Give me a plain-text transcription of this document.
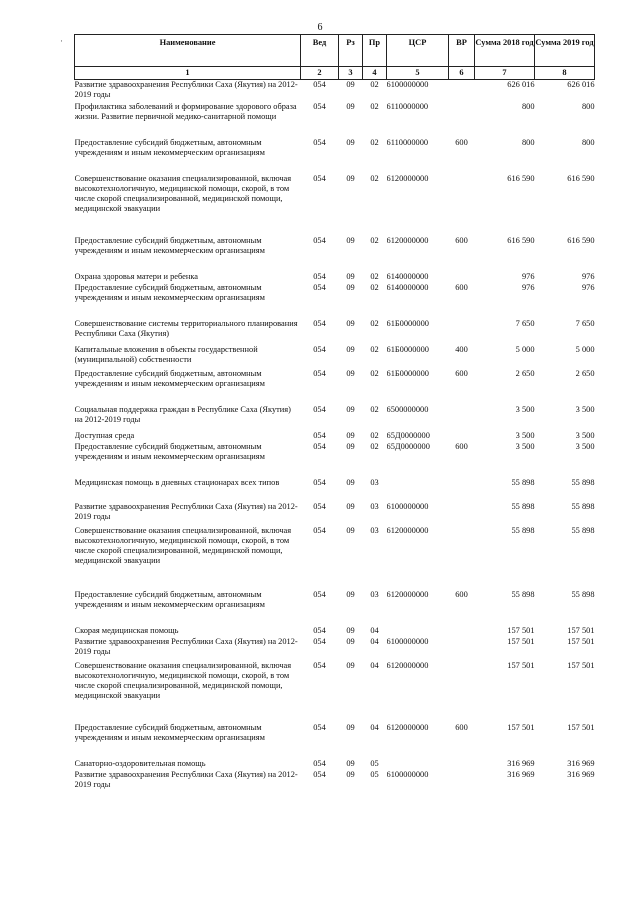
6
·	Наименование	Вед	Рз	Пр	ЦСР	ВР	Сумма 2018 год	Сумма 2019 год
1	2	3	4	5	6	7	8
Развитие здравоохранения Республики Саха (Якутия) на 2012-2019 годы	054	09	02	6100000000		626 016	626 016
Профилактика заболеваний и формирование здорового образа жизни. Развитие первичной медико-санитарной помощи	054	09	02	6110000000		800	800
Предоставление субсидий бюджетным, автономным учреждениям и иным некоммерческим организациям	054	09	02	6110000000	600	800	800
Совершенствование оказания специализированной, включая высокотехнологичную, медицинской помощи, скорой, в том числе скорой специализированной, медицинской помощи, медицинской эвакуации	054	09	02	6120000000		616 590	616 590
Предоставление субсидий бюджетным, автономным учреждениям и иным некоммерческим организациям	054	09	02	6120000000	600	616 590	616 590
Охрана здоровья матери и ребенка	054	09	02	6140000000		976	976
Предоставление субсидий бюджетным, автономным учреждениям и иным некоммерческим организациям	054	09	02	6140000000	600	976	976
Совершенствование системы территориального планирования Республики Саха (Якутия)	054	09	02	61Б0000000		7 650	7 650
Капитальные вложения в объекты государственной (муниципальной) собственности	054	09	02	61Б0000000	400	5 000	5 000
Предоставление субсидий бюджетным, автономным учреждениям и иным некоммерческим организациям	054	09	02	61Б0000000	600	2 650	2 650
Социальная поддержка граждан в Республике Саха (Якутия) на 2012-2019 годы	054	09	02	6500000000		3 500	3 500
Доступная среда	054	09	02	65Д0000000		3 500	3 500
Предоставление субсидий бюджетным, автономным учреждениям и иным некоммерческим организациям	054	09	02	65Д0000000	600	3 500	3 500
Медицинская помощь в дневных стационарах всех типов	054	09	03			55 898	55 898
Развитие здравоохранения Республики Саха (Якутия) на 2012-2019 годы	054	09	03	6100000000		55 898	55 898
Совершенствование оказания специализированной, включая высокотехнологичную, медицинской помощи, скорой, в том числе скорой специализированной, медицинской помощи, медицинской эвакуации	054	09	03	6120000000		55 898	55 898
Предоставление субсидий бюджетным, автономным учреждениям и иным некоммерческим организациям	054	09	03	6120000000	600	55 898	55 898
Скорая медицинская помощь	054	09	04			157 501	157 501
Развитие здравоохранения Республики Саха (Якутия) на 2012-2019 годы	054	09	04	6100000000		157 501	157 501
Совершенствование оказания специализированной, включая высокотехнологичную, медицинской помощи, скорой, в том числе скорой специализированной, медицинской помощи, медицинской эвакуации	054	09	04	6120000000		157 501	157 501
Предоставление субсидий бюджетным, автономным учреждениям и иным некоммерческим организациям	054	09	04	6120000000	600	157 501	157 501
Санаторно-оздоровительная помощь	054	09	05			316 969	316 969
Развитие здравоохранения Республики Саха (Якутия) на 2012-2019 годы	054	09	05	6100000000		316 969	316 969
